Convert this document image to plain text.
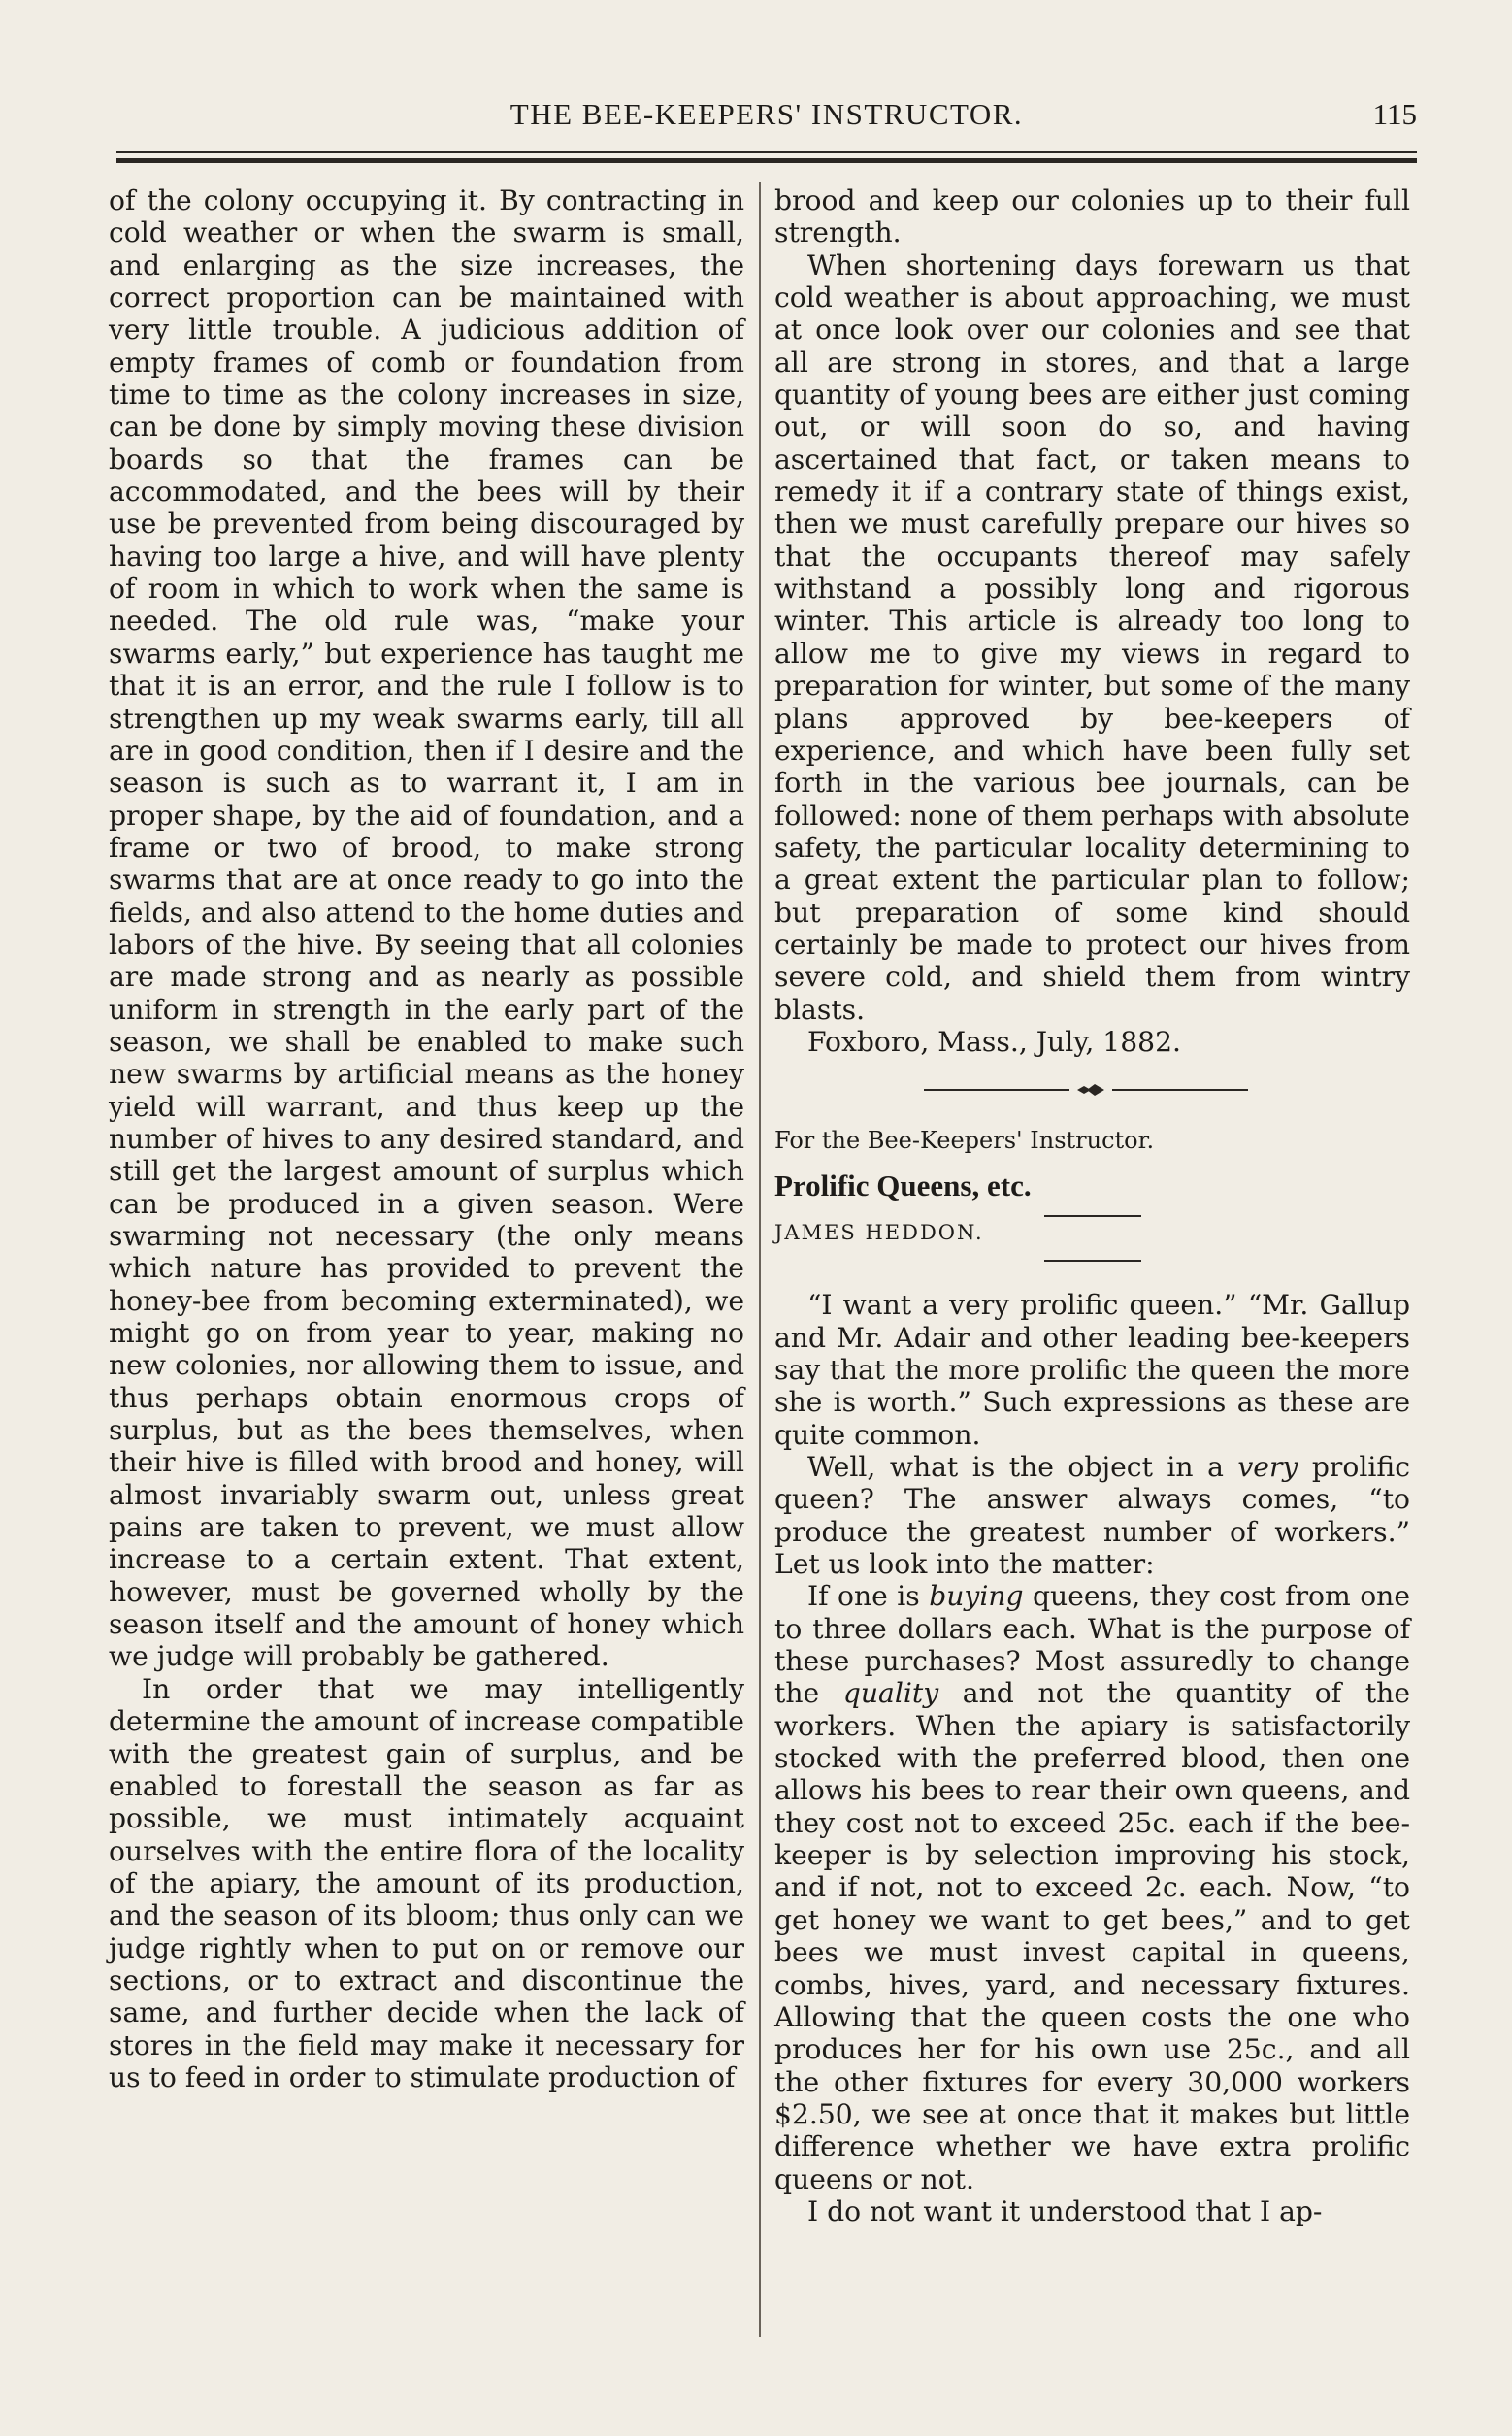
THE BEE-KEEPERS' INSTRUCTOR.	115

of the colony occupying it. By contracting in cold weather or when the swarm is small, and enlarging as the size increases, the correct proportion can be maintained with very little trouble. A judicious addition of empty frames of comb or foundation from time to time as the colony increases in size, can be done by simply moving these division boards so that the frames can be accommodated, and the bees will by their use be prevented from being discouraged by having too large a hive, and will have plenty of room in which to work when the same is needed. The old rule was, “make your swarms early,” but experience has taught me that it is an error, and the rule I follow is to strengthen up my weak swarms early, till all are in good condition, then if I desire and the season is such as to warrant it, I am in proper shape, by the aid of foundation, and a frame or two of brood, to make strong swarms that are at once ready to go into the fields, and also attend to the home duties and labors of the hive. By seeing that all colonies are made strong and as nearly as possible uniform in strength in the early part of the season, we shall be enabled to make such new swarms by artificial means as the honey yield will warrant, and thus keep up the number of hives to any desired standard, and still get the largest amount of surplus which can be produced in a given season. Were swarming not necessary (the only means which nature has provided to prevent the honey-bee from becoming exterminated), we might go on from year to year, making no new colonies, nor allowing them to issue, and thus perhaps obtain enormous crops of surplus, but as the bees themselves, when their hive is filled with brood and honey, will almost invariably swarm out, unless great pains are taken to prevent, we must allow increase to a certain extent. That extent, however, must be governed wholly by the season itself and the amount of honey which we judge will probably be gathered.

In order that we may intelligently determine the amount of increase compatible with the greatest gain of surplus, and be enabled to forestall the season as far as possible, we must intimately acquaint ourselves with the entire flora of the locality of the apiary, the amount of its production, and the season of its bloom; thus only can we judge rightly when to put on or remove our sections, or to extract and discontinue the same, and further decide when the lack of stores in the field may make it necessary for us to feed in order to stimulate production of

brood and keep our colonies up to their full strength.

When shortening days forewarn us that cold weather is about approaching, we must at once look over our colonies and see that all are strong in stores, and that a large quantity of young bees are either just coming out, or will soon do so, and having ascertained that fact, or taken means to remedy it if a contrary state of things exist, then we must carefully prepare our hives so that the occupants thereof may safely withstand a possibly long and rigorous winter. This article is already too long to allow me to give my views in regard to preparation for winter, but some of the many plans approved by bee-keepers of experience, and which have been fully set forth in the various bee journals, can be followed: none of them perhaps with absolute safety, the particular locality determining to a great extent the particular plan to follow; but preparation of some kind should certainly be made to protect our hives from severe cold, and shield them from wintry blasts.

Foxboro, Mass., July, 1882.

For the Bee-Keepers' Instructor.

Prolific Queens, etc.

JAMES HEDDON.

“I want a very prolific queen.” “Mr. Gallup and Mr. Adair and other leading bee-keepers say that the more prolific the queen the more she is worth.” Such expressions as these are quite common.

Well, what is the object in a very prolific queen? The answer always comes, “to produce the greatest number of workers.” Let us look into the matter:

If one is buying queens, they cost from one to three dollars each. What is the purpose of these purchases? Most assuredly to change the quality and not the quantity of the workers. When the apiary is satisfactorily stocked with the preferred blood, then one allows his bees to rear their own queens, and they cost not to exceed 25c. each if the bee-keeper is by selection improving his stock, and if not, not to exceed 2c. each. Now, “to get honey we want to get bees,” and to get bees we must invest capital in queens, combs, hives, yard, and necessary fixtures. Allowing that the queen costs the one who produces her for his own use 25c., and all the other fixtures for every 30,000 workers $2.50, we see at once that it makes but little difference whether we have extra prolific queens or not.

I do not want it understood that I ap-
